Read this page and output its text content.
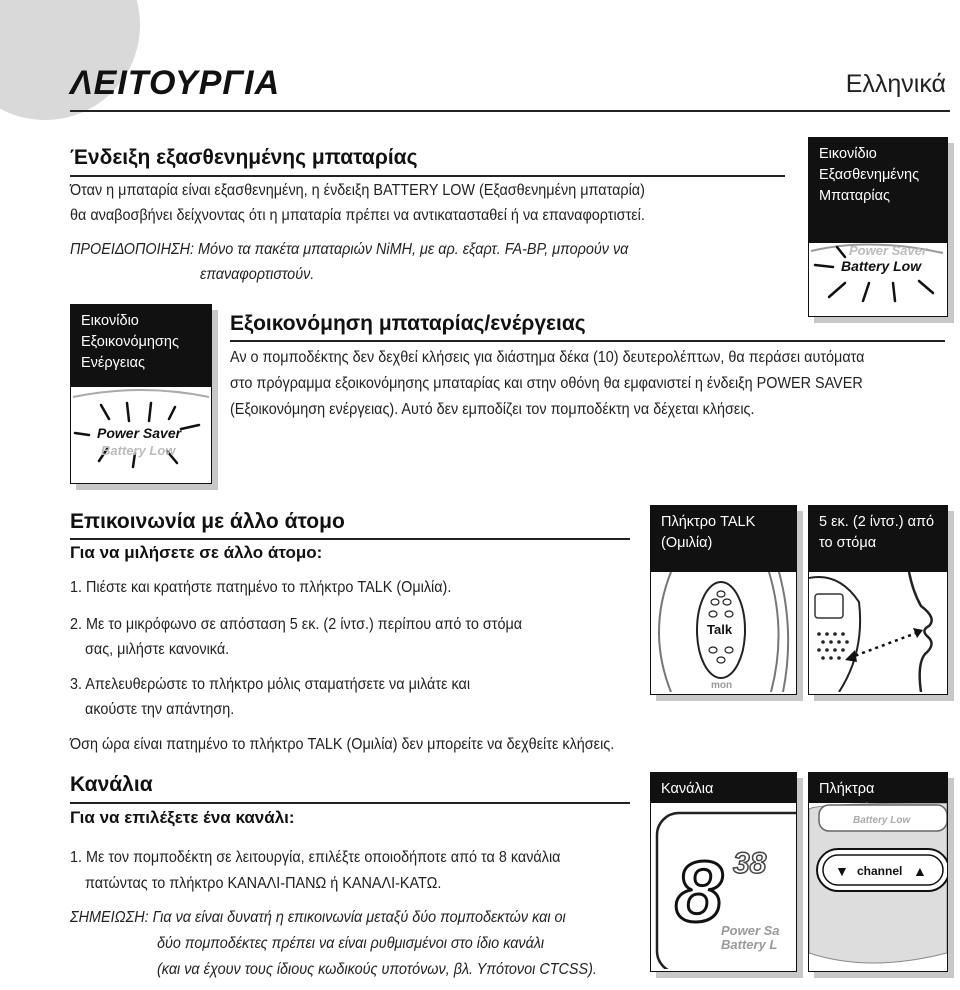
ΛΕΙΤΟΥΡΓΙΑ	Ελληνικά
Ένδειξη εξασθενημένης μπαταρίας
Όταν η μπαταρία είναι εξασθενημένη, η ένδειξη BATTERY LOW (Εξασθενημένη μπαταρία)
θα αναβοσβήνει δείχνοντας ότι η μπαταρία πρέπει να αντικατασταθεί ή να επαναφορτιστεί.
ΠΡΟΕΙΔΟΠΟΙΗΣΗ: Μόνο τα πακέτα μπαταριών NiMH, με αρ. εξαρτ. FA-BP, μπορούν να
επαναφορτιστούν.
Εικονίδιο Εξασθενημένης Μπαταρίας
Power Saver
Battery Low
Εικονίδιο Εξοικονόμησης Ενέργειας
Power Saver
Battery Low
Εξοικονόμηση μπαταρίας/ενέργειας
Αν ο πομποδέκτης δεν δεχθεί κλήσεις για διάστημα δέκα (10) δευτερολέπτων, θα περάσει αυτόματα
στο πρόγραμμα εξοικονόμησης μπαταρίας και στην οθόνη θα εμφανιστεί η ένδειξη POWER SAVER
(Εξοικονόμηση ενέργειας). Αυτό δεν εμποδίζει τον πομποδέκτη να δέχεται κλήσεις.
Επικοινωνία με άλλο άτομο
Για να μιλήσετε σε άλλο άτομο:
1. Πιέστε και κρατήστε πατημένο το πλήκτρο TALK (Ομιλία).
2. Με το μικρόφωνο σε απόσταση 5 εκ. (2 ίντσ.) περίπου από το στόμα
σας, μιλήστε κανονικά.
3. Απελευθερώστε το πλήκτρο μόλις σταματήσετε να μιλάτε και
ακούστε την απάντηση.
Όση ώρα είναι πατημένο το πλήκτρο TALK (Ομιλία) δεν μπορείτε να δεχθείτε κλήσεις.
Πλήκτρο TALK (Ομιλία)
Talk
mon
5 εκ. (2 ίντσ.) από το στόμα
Κανάλια
Για να επιλέξετε ένα κανάλι:
1. Με τον πομποδέκτη σε λειτουργία, επιλέξτε οποιοδήποτε από τα 8 κανάλια
πατώντας το πλήκτρο ΚΑΝΑΛΙ-ΠΑΝΩ ή ΚΑΝΑΛΙ-ΚΑΤΩ.
ΣΗΜΕΙΩΣΗ: Για να είναι δυνατή η επικοινωνία μεταξύ δύο πομποδεκτών και οι
δύο πομποδέκτες πρέπει να είναι ρυθμισμένοι στο ίδιο κανάλι
(και να έχουν τους ίδιους κωδικούς υποτόνων, βλ. Υπότονοι CTCSS).
Κανάλια
8 38
Power Sa
Battery L
Πλήκτρα
Battery Low
▼ channel ▲
